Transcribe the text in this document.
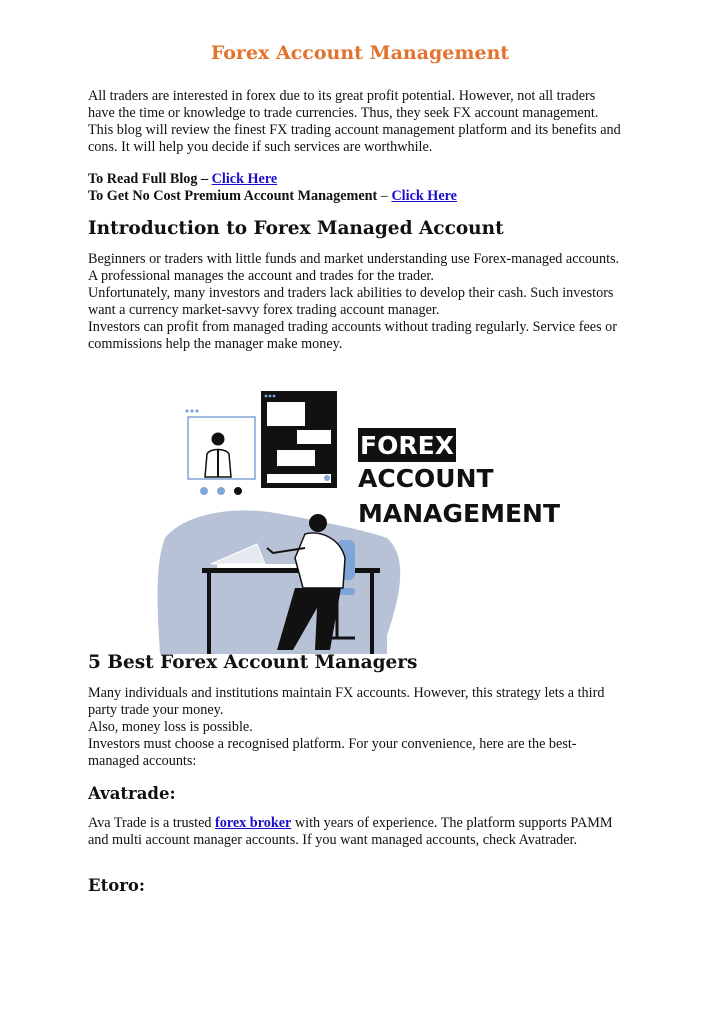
Forex Account Management

All traders are interested in forex due to its great profit potential. However, not all traders
have the time or knowledge to trade currencies. Thus, they seek FX account management.
This blog will review the finest FX trading account management platform and its benefits and
cons. It will help you decide if such services are worthwhile.

To Read Full Blog – Click Here
To Get No Cost Premium Account Management – Click Here
Introduction to Forex Managed Account

Beginners or traders with little funds and market understanding use Forex-managed accounts.
A professional manages the account and trades for the trader.
Unfortunately, many investors and traders lack abilities to develop their cash. Such investors
want a currency market-savvy forex trading account manager.
Investors can profit from managed trading accounts without trading regularly. Service fees or
commissions help the manager make money.

FOREX
ACCOUNT
MANAGEMENT
5 Best Forex Account Managers

Many individuals and institutions maintain FX accounts. However, this strategy lets a third
party trade your money.
Also, money loss is possible.
Investors must choose a recognised platform. For your convenience, here are the best-
managed accounts:

Avatrade:

Ava Trade is a trusted forex broker with years of experience. The platform supports PAMM
and multi account manager accounts. If you want managed accounts, check Avatrader.

Etoro:
